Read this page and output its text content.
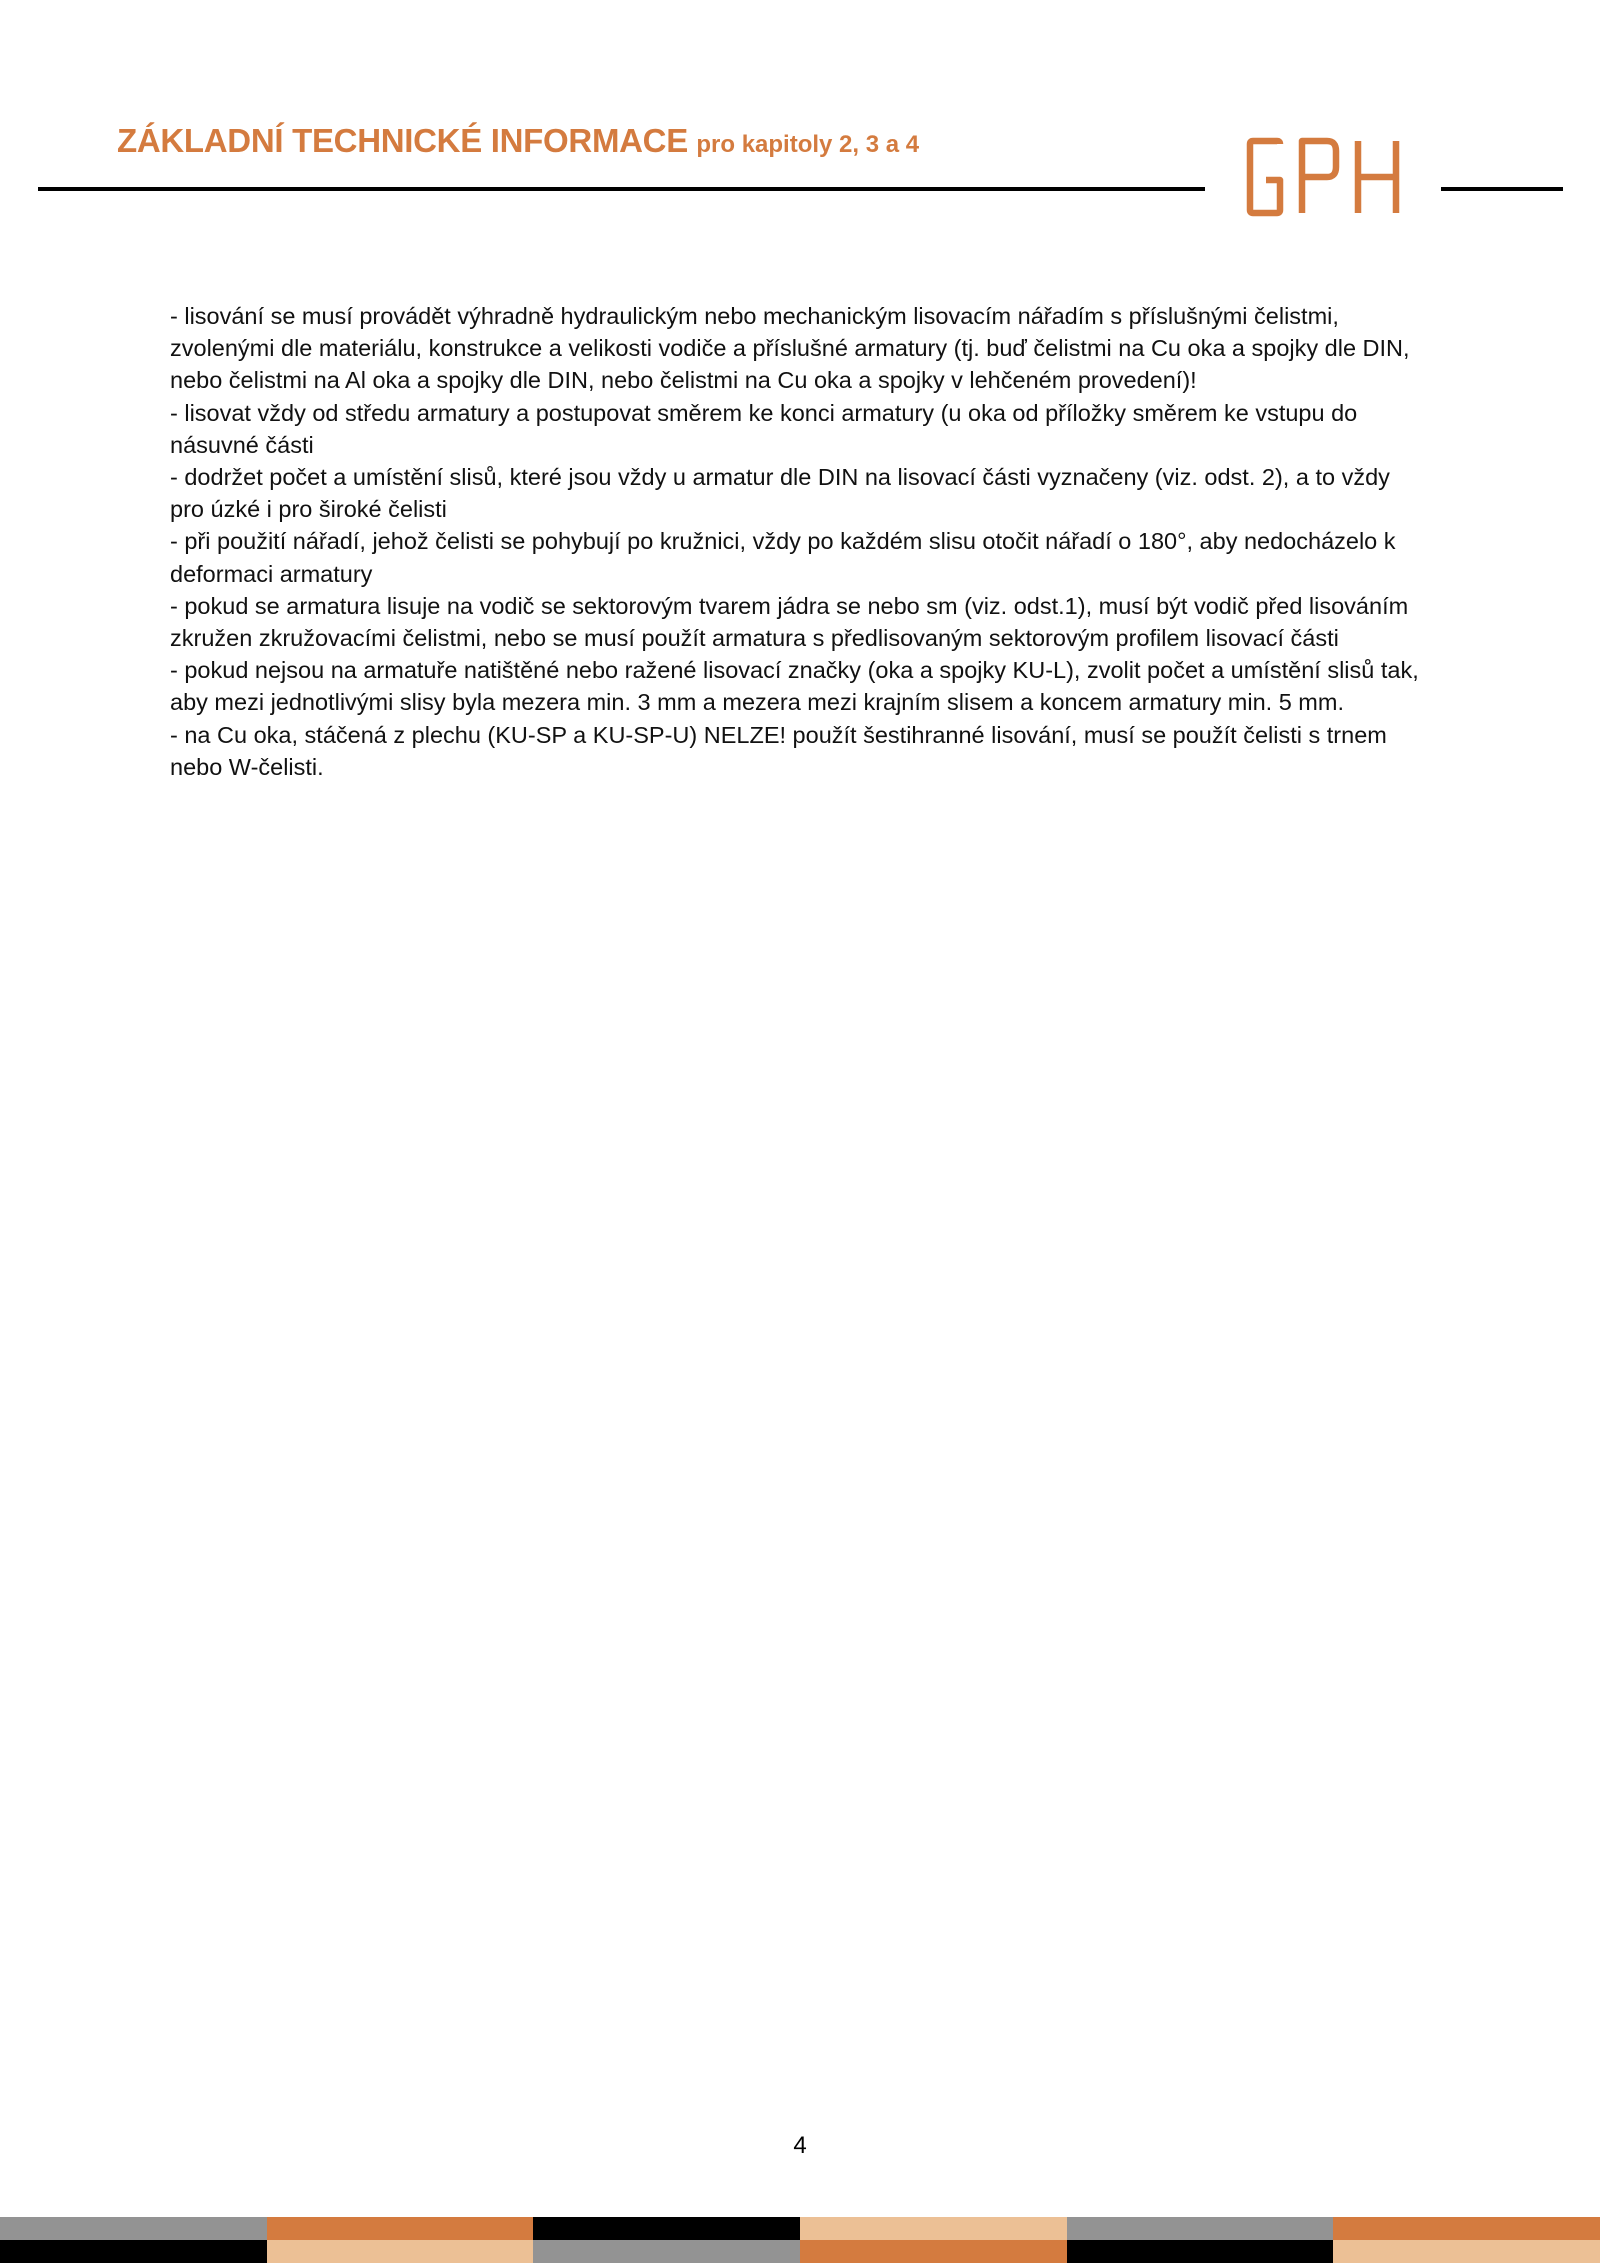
ZÁKLADNÍ TECHNICKÉ INFORMACE pro kapitoly 2, 3 a 4

- lisování se musí provádět výhradně hydraulickým nebo mechanickým lisovacím nářadím s příslušnými čelistmi, zvolenými dle materiálu, konstrukce a velikosti vodiče a příslušné armatury (tj. buď čelistmi na Cu oka a spojky dle DIN, nebo čelistmi na Al oka a spojky dle DIN, nebo čelistmi na Cu oka a spojky v lehčeném provedení)!

- lisovat vždy od středu armatury a postupovat směrem ke konci armatury (u oka od příložky směrem ke vstupu do násuvné části

- dodržet počet a umístění slisů, které jsou vždy u armatur dle DIN na lisovací části vyznačeny (viz. odst. 2), a to vždy pro úzké i pro široké čelisti

- při použití nářadí, jehož čelisti se pohybují po kružnici, vždy po každém slisu otočit nářadí o 180°, aby nedocházelo k deformaci armatury

- pokud se armatura lisuje na vodič se sektorovým tvarem jádra se nebo sm (viz. odst.1), musí být vodič před lisováním zkružen zkružovacími čelistmi, nebo se musí použít armatura s předlisovaným sektorovým profilem lisovací části

- pokud nejsou na armatuře natištěné nebo ražené lisovací značky (oka a spojky KU-L), zvolit počet a umístění slisů tak, aby mezi jednotlivými slisy byla mezera min. 3 mm a mezera mezi krajním slisem a koncem armatury min. 5 mm.

- na Cu oka, stáčená z plechu (KU-SP a KU-SP-U) NELZE! použít šestihranné lisování, musí se použít čelisti s trnem nebo W-čelisti.

4
